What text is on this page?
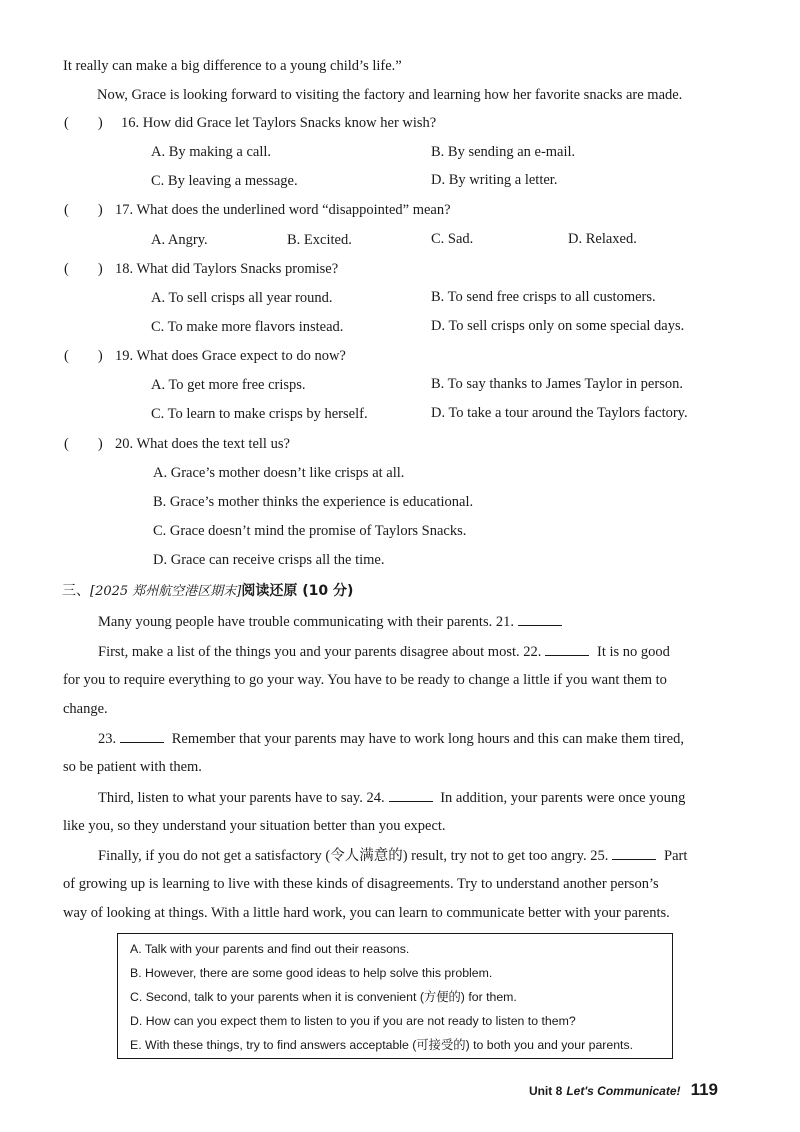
It really can make a big difference to a young child’s life.”
Now, Grace is looking forward to visiting the factory and learning how her favorite snacks are made.
(        ) 16. How did Grace let Taylors Snacks know her wish?
A. By making a call.	B. By sending an e-mail.
C. By leaving a message.	D. By writing a letter.
(        ) 17. What does the underlined word “disappointed” mean?
A. Angry.	B. Excited.	C. Sad.	D. Relaxed.
(        ) 18. What did Taylors Snacks promise?
A. To sell crisps all year round.	B. To send free crisps to all customers.
C. To make more flavors instead.	D. To sell crisps only on some special days.
(        ) 19. What does Grace expect to do now?
A. To get more free crisps.	B. To say thanks to James Taylor in person.
C. To learn to make crisps by herself.	D. To take a tour around the Taylors factory.
(        ) 20. What does the text tell us?
A. Grace’s mother doesn’t like crisps at all.
B. Grace’s mother thinks the experience is educational.
C. Grace doesn’t mind the promise of Taylors Snacks.
D. Grace can receive crisps all the time.
三、[2025 郑州航空港区期末]阅读还原 (10 分)
Many young people have trouble communicating with their parents. 21.
First, make a list of the things you and your parents disagree about most. 22.	It is no good
for you to require everything to go your way. You have to be ready to change a little if you want them to
change.
23.	Remember that your parents may have to work long hours and this can make them tired,
so be patient with them.
Third, listen to what your parents have to say. 24.	In addition, your parents were once young
like you, so they understand your situation better than you expect.
Finally, if you do not get a satisfactory (令人满意的) result, try not to get too angry. 25.	Part
of growing up is learning to live with these kinds of disagreements. Try to understand another person’s
way of looking at things. With a little hard work, you can learn to communicate better with your parents.
A. Talk with your parents and find out their reasons.
B. However, there are some good ideas to help solve this problem.
C. Second, talk to your parents when it is convenient (方便的) for them.
D. How can you expect them to listen to you if you are not ready to listen to them?
E. With these things, try to find answers acceptable (可接受的) to both you and your parents.
Unit 8 Let's Communicate! 119
